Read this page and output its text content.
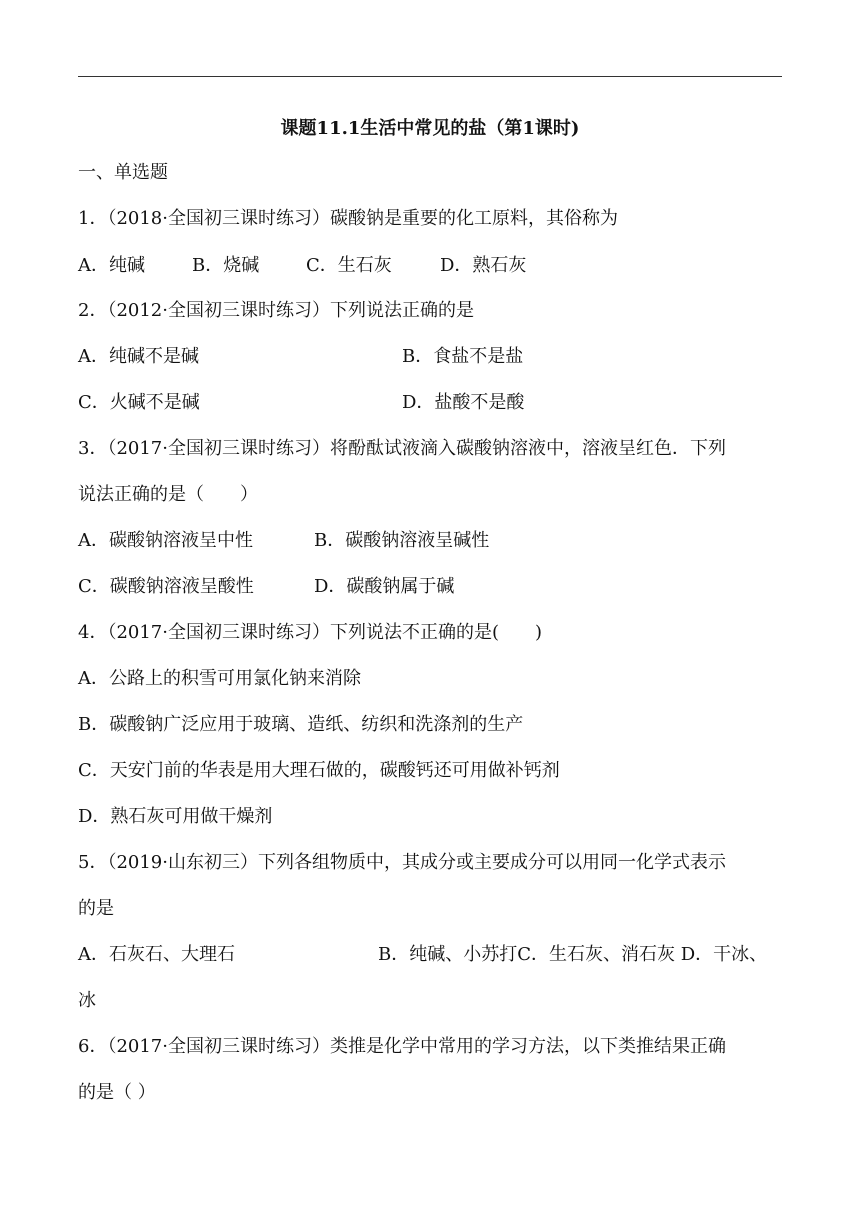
课题11.1生活中常见的盐（第1课时)
一、单选题
1．（2018·全国初三课时练习）碳酸钠是重要的化工原料，其俗称为
A．纯碱	B．烧碱	C．生石灰	D．熟石灰
2．（2012·全国初三课时练习）下列说法正确的是
A．纯碱不是碱	B．食盐不是盐
C．火碱不是碱	D．盐酸不是酸
3．（2017·全国初三课时练习）将酚酞试液滴入碳酸钠溶液中，溶液呈红色．下列
说法正确的是（　　）
A．碳酸钠溶液呈中性	B．碳酸钠溶液呈碱性
C．碳酸钠溶液呈酸性	D．碳酸钠属于碱
4．（2017·全国初三课时练习）下列说法不正确的是(　　)
A．公路上的积雪可用氯化钠来消除
B．碳酸钠广泛应用于玻璃、造纸、纺织和洗涤剂的生产
C．天安门前的华表是用大理石做的，碳酸钙还可用做补钙剂
D．熟石灰可用做干燥剂
5．（2019·山东初三）下列各组物质中，其成分或主要成分可以用同一化学式表示
的是
A．石灰石、大理石	B．纯碱、小苏打C．生石灰、消石灰 D．干冰、
冰
6．（2017·全国初三课时练习）类推是化学中常用的学习方法，以下类推结果正确
的是（ ）
